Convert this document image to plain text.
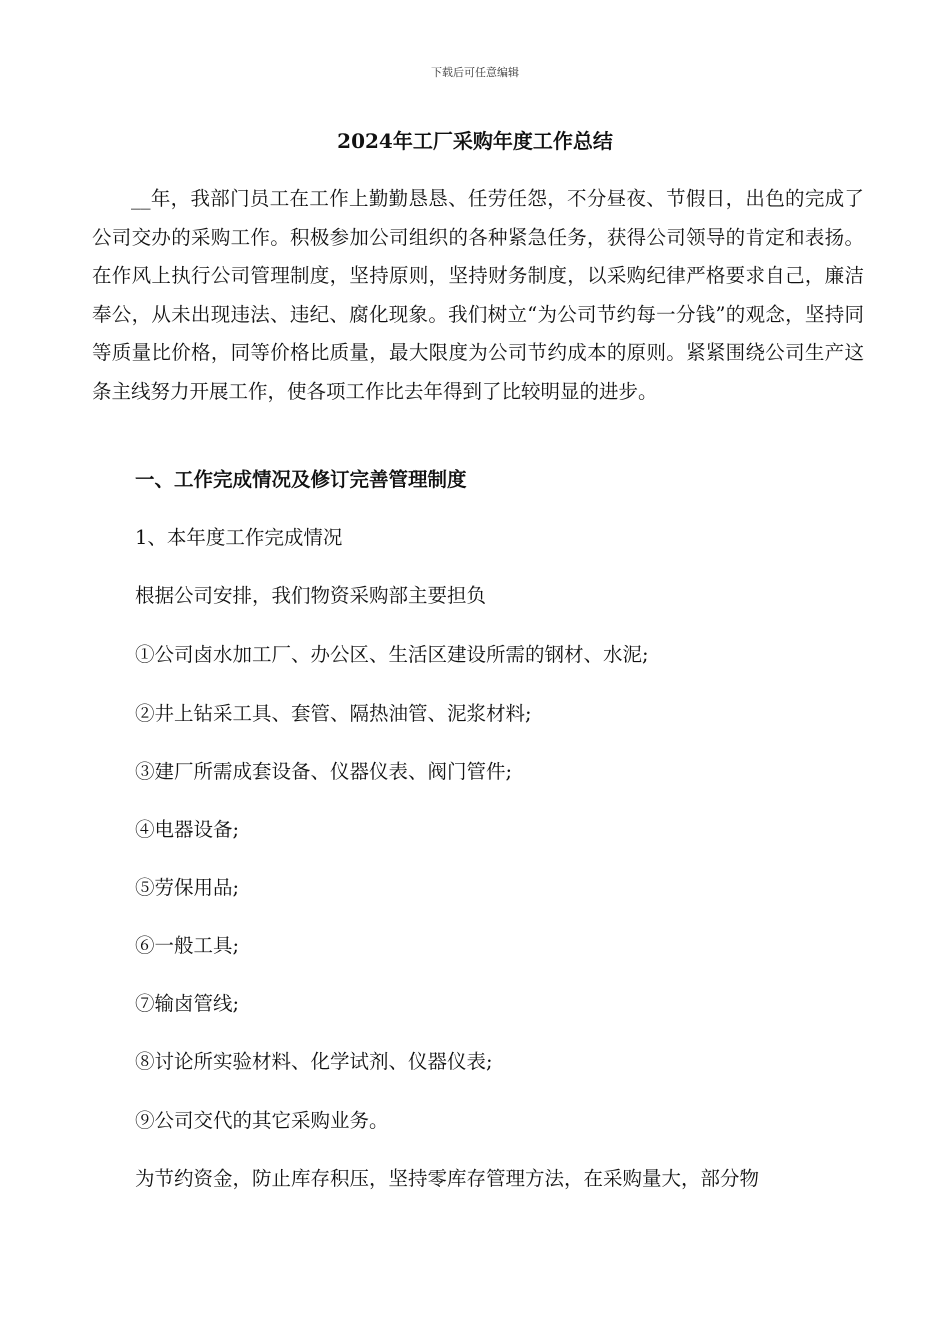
下载后可任意编辑
2024年工厂采购年度工作总结

__年，我部门员工在工作上勤勤恳恳、任劳任怨，不分昼夜、节假日，出色的完成了公司交办的采购工作。积极参加公司组织的各种紧急任务，获得公司领导的肯定和表扬。在作风上执行公司管理制度，坚持原则，坚持财务制度，以采购纪律严格要求自己，廉洁奉公，从未出现违法、违纪、腐化现象。我们树立“为公司节约每一分钱”的观念，坚持同等质量比价格，同等价格比质量，最大限度为公司节约成本的原则。紧紧围绕公司生产这条主线努力开展工作，使各项工作比去年得到了比较明显的进步。

一、工作完成情况及修订完善管理制度

1、本年度工作完成情况

根据公司安排，我们物资采购部主要担负

①公司卤水加工厂、办公区、生活区建设所需的钢材、水泥;

②井上钻采工具、套管、隔热油管、泥浆材料;

③建厂所需成套设备、仪器仪表、阀门管件;

④电器设备;

⑤劳保用品;

⑥一般工具;

⑦输卤管线;

⑧讨论所实验材料、化学试剂、仪器仪表;

⑨公司交代的其它采购业务。

为节约资金，防止库存积压，坚持零库存管理方法，在采购量大，部分物
